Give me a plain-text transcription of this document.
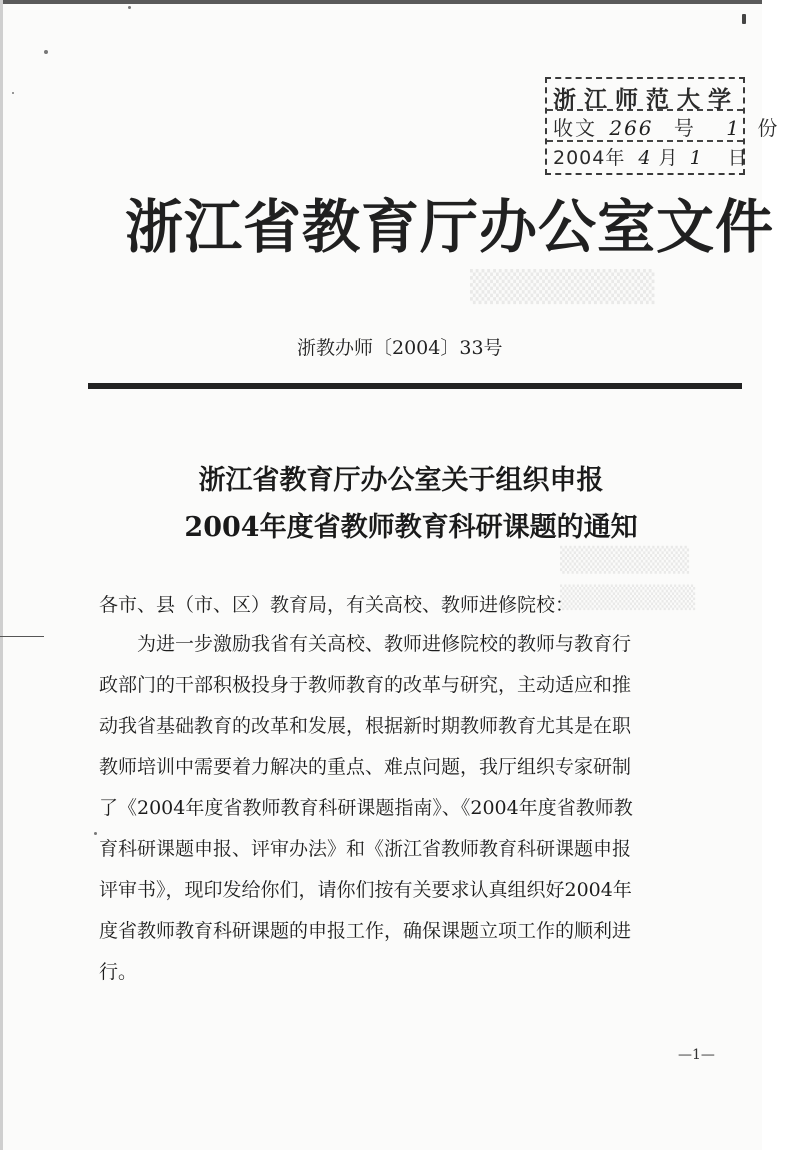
▒▒▒▒▒▒▒▒
▒▒▒▒▒▒▒
▒▒▒▒▒▒▒▒
浙江师范大学
收文 266 号 1 份
2004年 4 月 1 日
浙江省教育厅办公室文件
浙教办师〔2004〕33号
浙江省教育厅办公室关于组织申报
2004年度省教师教育科研课题的通知
各市、县（市、区）教育局，有关高校、教师进修院校：
　　为进一步激励我省有关高校、教师进修院校的教师与教育行
政部门的干部积极投身于教师教育的改革与研究，主动适应和推
动我省基础教育的改革和发展，根据新时期教师教育尤其是在职
教师培训中需要着力解决的重点、难点问题，我厅组织专家研制
了《2004年度省教师教育科研课题指南》、《2004年度省教师教
育科研课题申报、评审办法》和《浙江省教师教育科研课题申报
评审书》，现印发给你们，请你们按有关要求认真组织好2004年
度省教师教育科研课题的申报工作，确保课题立项工作的顺利进
行。
—1—
